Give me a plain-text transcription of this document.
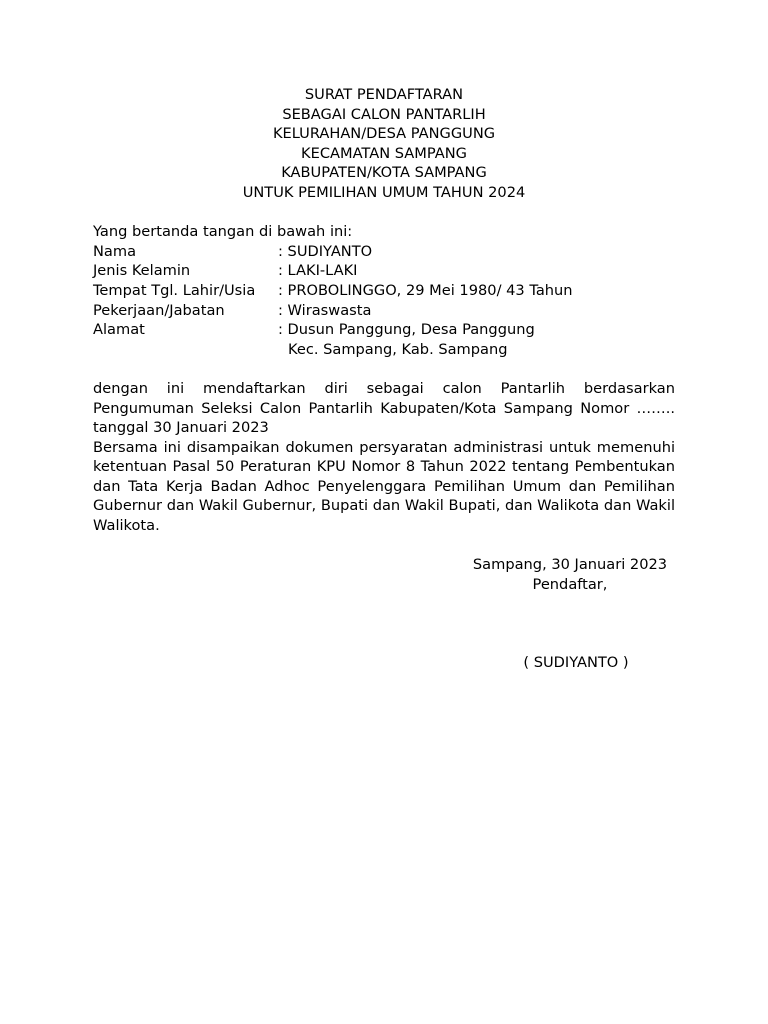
SURAT PENDAFTARAN
SEBAGAI CALON PANTARLIH
KELURAHAN/DESA PANGGUNG
KECAMATAN SAMPANG
KABUPATEN/KOTA SAMPANG
UNTUK PEMILIHAN UMUM TAHUN 2024
Yang bertanda tangan di bawah ini:
Nama	: SUDIYANTO
Jenis Kelamin	: LAKI-LAKI
Tempat Tgl. Lahir/Usia	: PROBOLINGGO, 29 Mei 1980/ 43 Tahun
Pekerjaan/Jabatan	: Wiraswasta
Alamat	: Dusun Panggung, Desa Panggung
Kec. Sampang, Kab. Sampang
dengan ini mendaftarkan diri sebagai calon Pantarlih berdasarkan Pengumuman Seleksi Calon Pantarlih Kabupaten/Kota Sampang Nomor …….. tanggal 30 Januari 2023
Bersama ini disampaikan dokumen persyaratan administrasi untuk memenuhi ketentuan Pasal 50 Peraturan KPU Nomor 8 Tahun 2022 tentang Pembentukan dan Tata Kerja Badan Adhoc Penyelenggara Pemilihan Umum dan Pemilihan Gubernur dan Wakil Gubernur, Bupati dan Wakil Bupati, dan Walikota dan Wakil Walikota.
Sampang, 30 Januari 2023
Pendaftar,
( SUDIYANTO )
